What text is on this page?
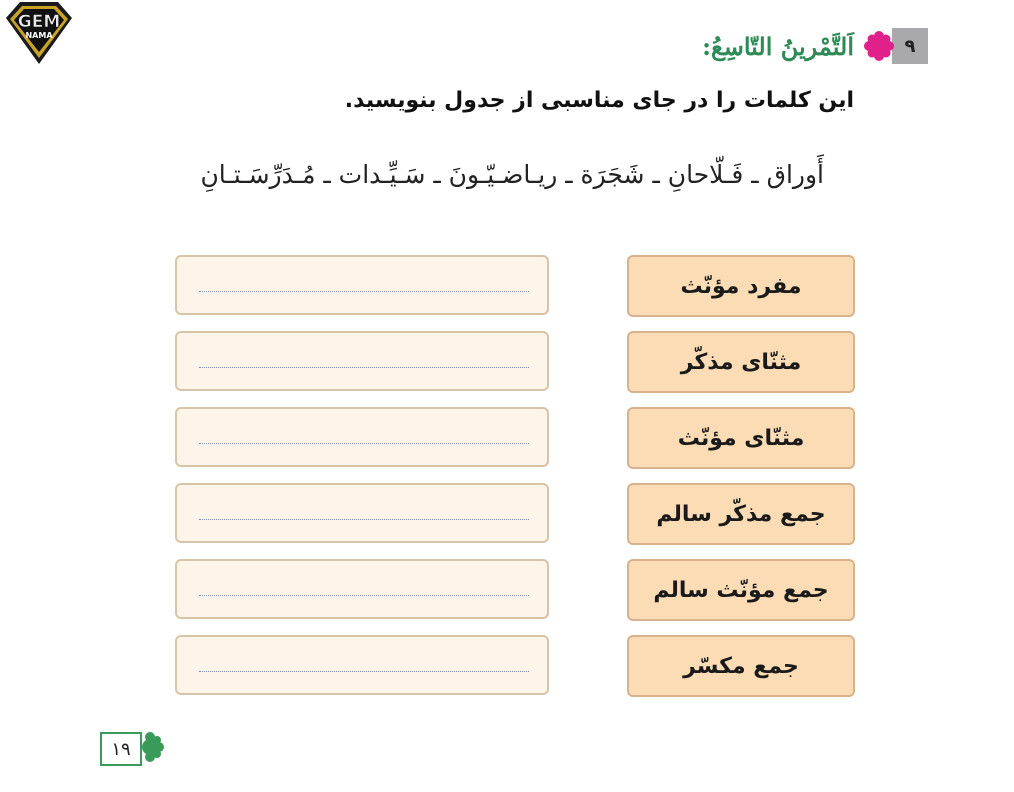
GEM
NAMA	۹
اَلتَّمْرینُ التّاسِعُ:
این کلمات را در جای مناسبی از جدول بنویسید.
أَوراق ـ فَـلّاحانِ ـ شَجَرَة ـ ریـاضـیّـونَ ـ سَـیِّـدات ـ مُـدَرِّسَـتـانِ
مفرد مؤنّث
مثنّای مذکّر
مثنّای مؤنّث
جمع مذکّر سالم
جمع مؤنّث سالم
جمع مکسّر
۱۹
